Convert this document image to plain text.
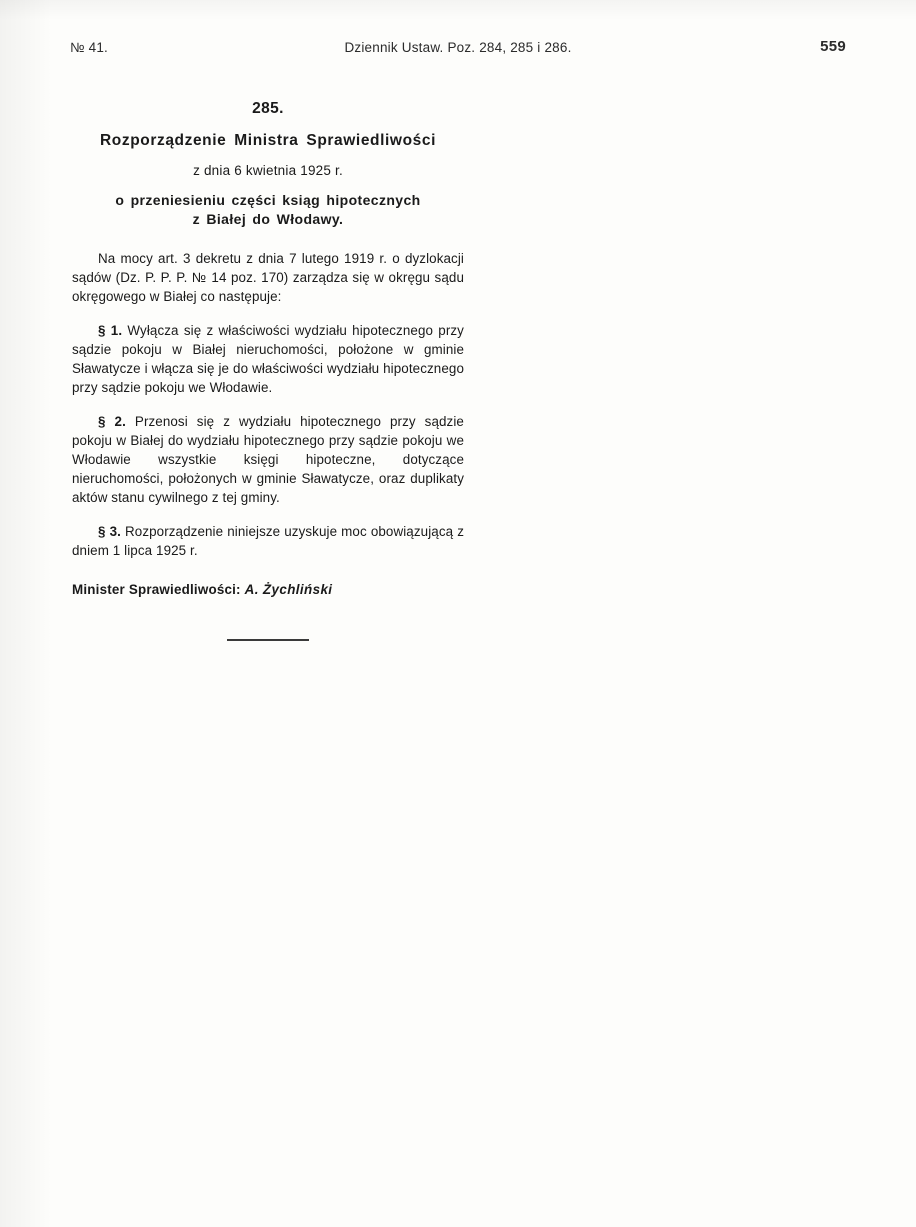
№ 41.	Dziennik Ustaw. Poz. 284, 285 i 286.	559
285.
Rozporządzenie Ministra Sprawiedliwości
z dnia 6 kwietnia 1925 r.
o przeniesieniu części ksiąg hipotecznych
z Białej do Włodawy.

Na mocy art. 3 dekretu z dnia 7 lutego 1919 r. o dyzlokacji sądów (Dz. P. P. P. № 14 poz. 170) zarządza się w okręgu sądu okręgowego w Białej co następuje:

§ 1. Wyłącza się z właściwości wydziału hipotecznego przy sądzie pokoju w Białej nieruchomości, położone w gminie Sławatycze i włącza się je do właściwości wydziału hipotecznego przy sądzie pokoju we Włodawie.

§ 2. Przenosi się z wydziału hipotecznego przy sądzie pokoju w Białej do wydziału hipotecznego przy sądzie pokoju we Włodawie wszystkie księgi hipoteczne, dotyczące nieruchomości, położonych w gminie Sławatycze, oraz duplikaty aktów stanu cywilnego z tej gminy.

§ 3. Rozporządzenie niniejsze uzyskuje moc obowiązującą z dniem 1 lipca 1925 r.

Minister Sprawiedliwości: A. Żychliński
